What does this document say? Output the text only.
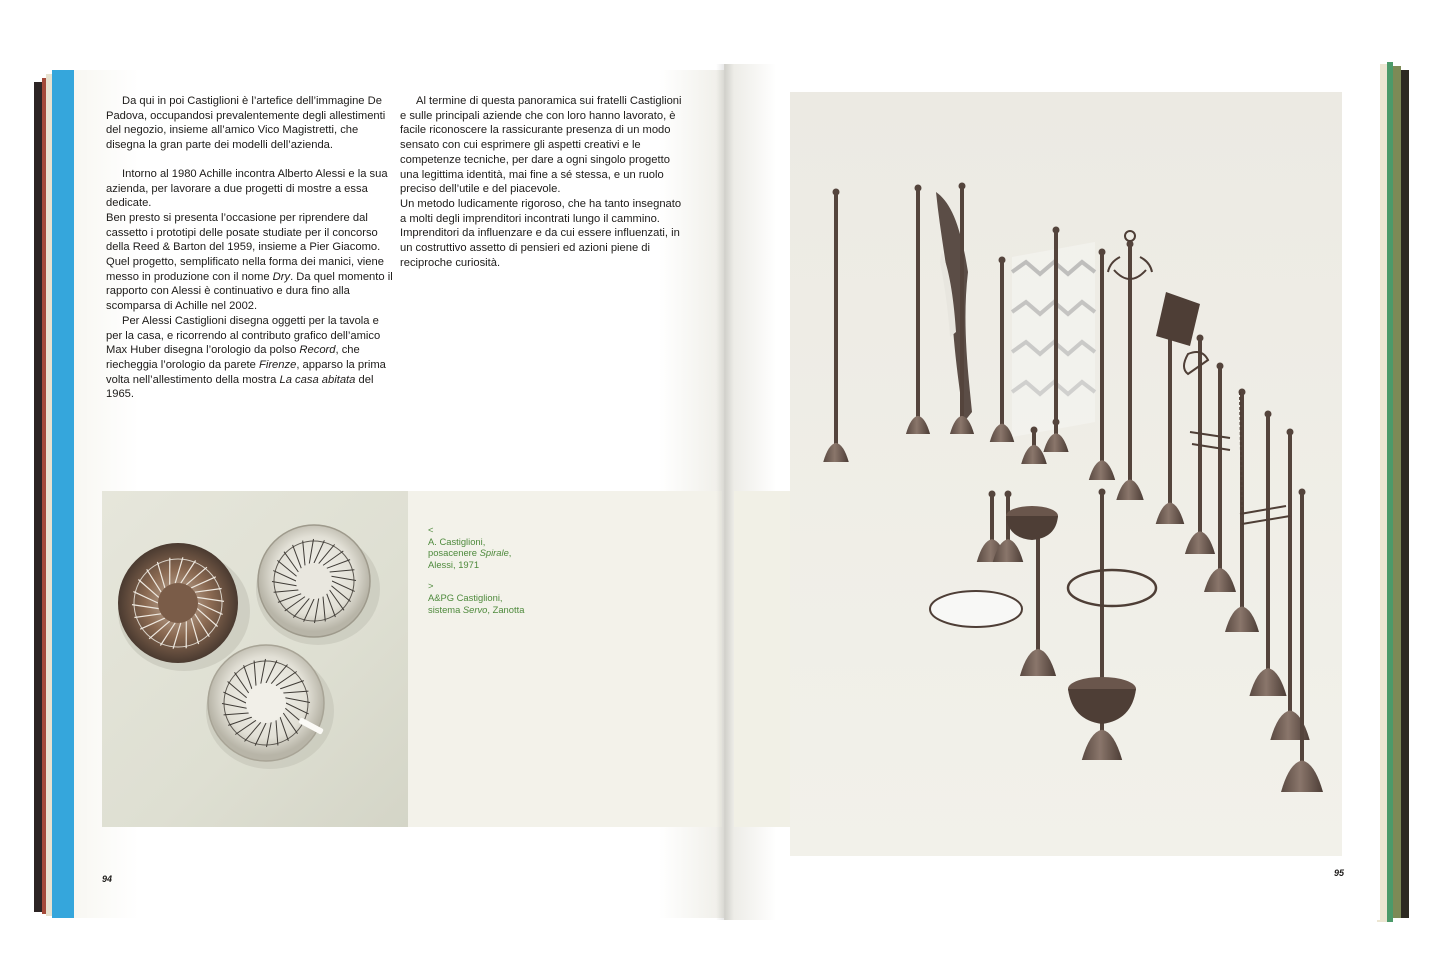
Da qui in poi Castiglioni è l’artefice dell’immagine De Padova, occupandosi prevalentemente degli allestimenti del negozio, insieme all’amico Vico Magistretti, che disegna la gran parte dei modelli dell’azienda.

Intorno al 1980 Achille incontra Alberto Alessi e la sua azienda, per lavorare a due progetti di mostre a essa dedicate.

Ben presto si presenta l’occasione per riprendere dal cassetto i prototipi delle posate studiate per il concorso della Reed & Barton del 1959, insieme a Pier Giacomo. Quel progetto, semplificato nella forma dei manici, viene messo in produzione con il nome Dry. Da quel momento il rapporto con Alessi è continuativo e dura fino alla scomparsa di Achille nel 2002.

Per Alessi Castiglioni disegna oggetti per la tavola e per la casa, e ricorrendo al contributo grafico dell’amico Max Huber disegna l’orologio da polso Record, che riecheggia l’orologio da parete Firenze, apparso la prima volta nell’allestimento della mostra La casa abitata del 1965.

Al termine di questa panoramica sui fratelli Castiglioni e sulle principali aziende che con loro hanno lavorato, è facile riconoscere la rassicurante presenza di un modo sensato con cui esprimere gli aspetti creativi e le competenze tecniche, per dare a ogni singolo progetto una legittima identità, mai fine a sé stessa, e un ruolo preciso dell’utile e del piacevole.

Un metodo ludicamente rigoroso, che ha tanto insegnato a molti degli imprenditori incontrati lungo il cammino. Imprenditori da influenzare e da cui essere influenzati, in un costruttivo assetto di pensieri ed azioni piene di reciproche curiosità.

<

A. Castiglioni,

posacenere Spirale,

Alessi, 1971

>

A&PG Castiglioni,

sistema Servo, Zanotta

94
95
